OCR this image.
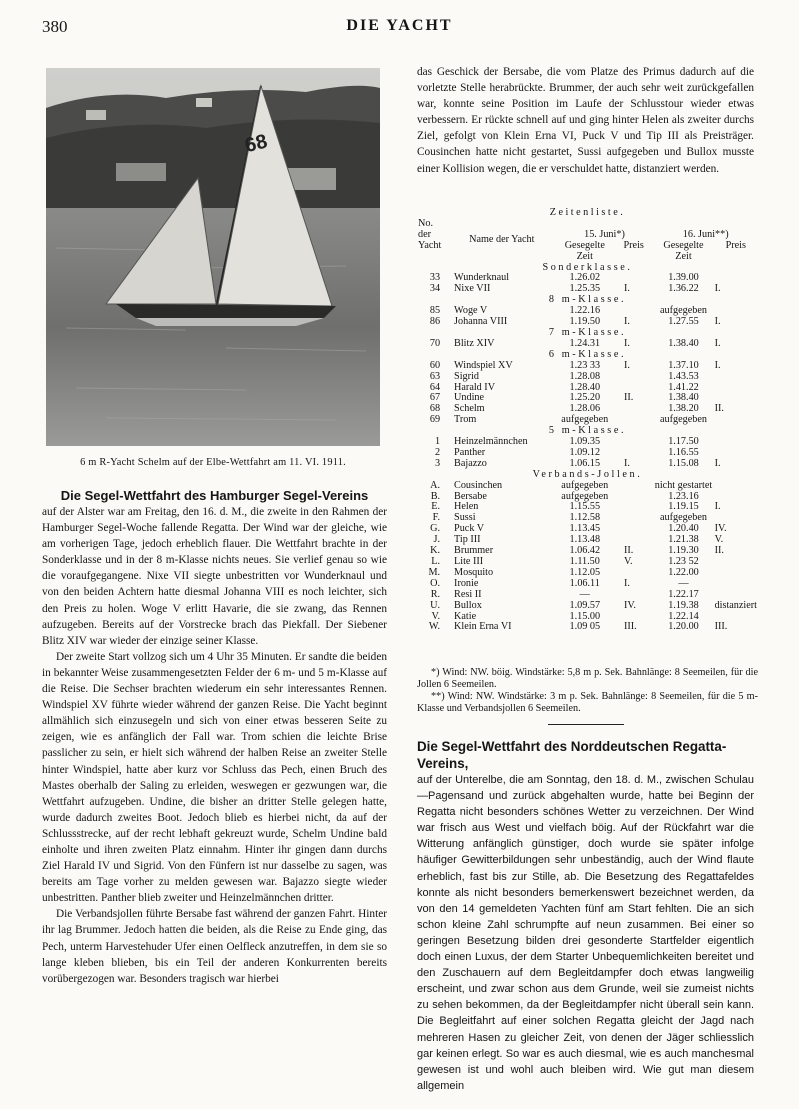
380	DIE YACHT
68
6 m R-Yacht Schelm auf der Elbe-Wettfahrt am 11. VI. 1911.
Die Segel-Wettfahrt des Hamburger Segel-Vereins

auf der Alster war am Freitag, den 16. d. M., die zweite in den Rahmen der Hamburger Segel-Woche fallende Regatta. Der Wind war der gleiche, wie am vorherigen Tage, jedoch erheblich flauer. Die Wettfahrt brachte in der Sonderklasse und in der 8 m-Klasse nichts neues. Sie verlief genau so wie die voraufgegangene. Nixe VII siegte unbestritten vor Wunderknaul und von den beiden Achtern hatte diesmal Johanna VIII es noch leichter, sich den Preis zu holen. Woge V erlitt Havarie, die sie zwang, das Rennen aufzugeben. Bereits auf der Vorstrecke brach das Piekfall. Der Siebener Blitz XIV war wieder der einzige seiner Klasse.

Der zweite Start vollzog sich um 4 Uhr 35 Minuten. Er sandte die beiden in bekannter Weise zusammengesetzten Felder der 6 m- und 5 m-Klasse auf die Reise. Die Sechser brachten wiederum ein sehr interessantes Rennen. Windspiel XV führte wieder während der ganzen Reise. Die Yacht beginnt allmählich sich einzusegeln und sich von einer etwas besseren Seite zu zeigen, wie es anfänglich der Fall war. Trom schien die leichte Brise passlicher zu sein, er hielt sich während der halben Reise an zweiter Stelle hinter Windspiel, hatte aber kurz vor Schluss das Pech, einen Bruch des Mastes oberhalb der Saling zu erleiden, weswegen er gezwungen war, die Wettfahrt aufzugeben. Undine, die bisher an dritter Stelle gelegen hatte, wurde dadurch zweites Boot. Jedoch blieb es hierbei nicht, da auf der Schlussstrecke, auf der recht lebhaft gekreuzt wurde, Schelm Undine bald einholte und ihren zweiten Platz einnahm. Hinter ihr gingen dann durchs Ziel Harald IV und Sigrid. Von den Fünfern ist nur dasselbe zu sagen, was bereits am Tage vorher zu melden gewesen war. Bajazzo siegte wieder unbestritten. Panther blieb zweiter und Heinzelmännchen dritter.

Die Verbandsjollen führte Bersabe fast während der ganzen Fahrt. Hinter ihr lag Brummer. Jedoch hatten die beiden, als die Reise zu Ende ging, das Pech, unterm Harvestehuder Ufer einen Oelfleck anzutreffen, in dem sie so lange kleben blieben, bis ein Teil der anderen Konkurrenten bereits vorübergezogen war. Besonders tragisch war hierbei

das Geschick der Bersabe, die vom Platze des Primus dadurch auf die vorletzte Stelle herabrückte. Brummer, der auch sehr weit zurückgefallen war, konnte seine Position im Laufe der Schlusstour wieder etwas verbessern. Er rückte schnell auf und ging hinter Helen als zweiter durchs Ziel, gefolgt von Klein Erna VI, Puck V und Tip III als Preisträger. Cousinchen hatte nicht gestartet, Sussi aufgegeben und Bullox musste einer Kollision wegen, die er verschuldet hatte, distanziert werden.

Zeitenliste.					
No. der	Name der Yacht	15. Juni*)		16. Juni**)	
Yacht		Gesegelte	Preis	Gesegelte	Preis
		Zeit		Zeit	
Sonderklasse.					
33	Wunderknaul	1.26.02		1.39.00	
34	Nixe VII	1.25.35	I.	1.36.22	I.
8 m-Klasse.					
85	Woge V	1.22.16		aufgegeben	
86	Johanna VIII	1.19.50	I.	1.27.55	I.
7 m-Klasse.					
70	Blitz XIV	1.24.31	I.	1.38.40	I.
6 m-Klasse.					
60	Windspiel XV	1.23 33	I.	1.37.10	I.
63	Sigrid	1.28.08		1.43.53	
64	Harald IV	1.28.40		1.41.22	
67	Undine	1.25.20	II.	1.38.40	
68	Schelm	1.28.06		1.38.20	II.
69	Trom	aufgegeben		aufgegeben	
5 m-Klasse.					
1	Heinzelmännchen	1.09.35		1.17.50	
2	Panther	1.09.12		1.16.55	
3	Bajazzo	1.06.15	I.	1.15.08	I.
Verbands-Jollen.					
A.	Cousinchen	aufgegeben		nicht gestartet	
B.	Bersabe	aufgegeben		1.23.16	
E.	Helen	1.15.55		1.19.15	I.
F.	Sussi	1.12.58		aufgegeben	
G.	Puck V	1.13.45		1.20.40	IV.
J.	Tip III	1.13.48		1.21.38	V.
K.	Brummer	1.06.42	II.	1.19.30	II.
L.	Lite III	1.11.50	V.	1.23 52	
M.	Mosquito	1.12.05		1.22.00	
O.	Ironie	1.06.11	I.	—	
R.	Resi II	—		1.22.17	
U.	Bullox	1.09.57	IV.	1.19.38	distanziert
V.	Katie	1.15.00		1.22.14	
W.	Klein Erna VI	1.09 05	III.	1.20.00	III.

*) Wind: NW. böig. Windstärke: 5,8 m p. Sek. Bahnlänge: 8 Seemeilen, für die Jollen 6 Seemeilen.

**) Wind: NW. Windstärke: 3 m p. Sek. Bahnlänge: 8 Seemeilen, für die 5 m-Klasse und Verbandsjollen 6 Seemeilen.

Die Segel-Wettfahrt des Norddeutschen Regatta-Vereins,

auf der Unterelbe, die am Sonntag, den 18. d. M., zwischen Schulau—Pagensand und zurück abgehalten wurde, hatte bei Beginn der Regatta nicht besonders schönes Wetter zu verzeichnen. Der Wind war frisch aus West und vielfach böig. Auf der Rückfahrt war die Witterung anfänglich günstiger, doch wurde sie später infolge häufiger Gewitterbildungen sehr unbeständig, auch der Wind flaute erheblich, fast bis zur Stille, ab. Die Besetzung des Regattafeldes konnte als nicht besonders bemerkenswert bezeichnet werden, da von den 14 gemeldeten Yachten fünf am Start fehlten. Die an sich schon kleine Zahl schrumpfte auf neun zusammen. Bei einer so geringen Besetzung bilden drei gesonderte Startfelder eigentlich doch einen Luxus, der dem Starter Unbequemlichkeiten bereitet und den Zuschauern auf dem Begleitdampfer doch etwas langweilig erscheint, und zwar schon aus dem Grunde, weil sie zumeist nichts zu sehen bekommen, da der Begleitdampfer nicht überall sein kann. Die Begleitfahrt auf einer solchen Regatta gleicht der Jagd nach mehreren Hasen zu gleicher Zeit, von denen der Jäger schliesslich gar keinen erlegt. So war es auch diesmal, wie es auch manchesmal gewesen ist und wohl auch bleiben wird. Wie gut man diesem allgemein
